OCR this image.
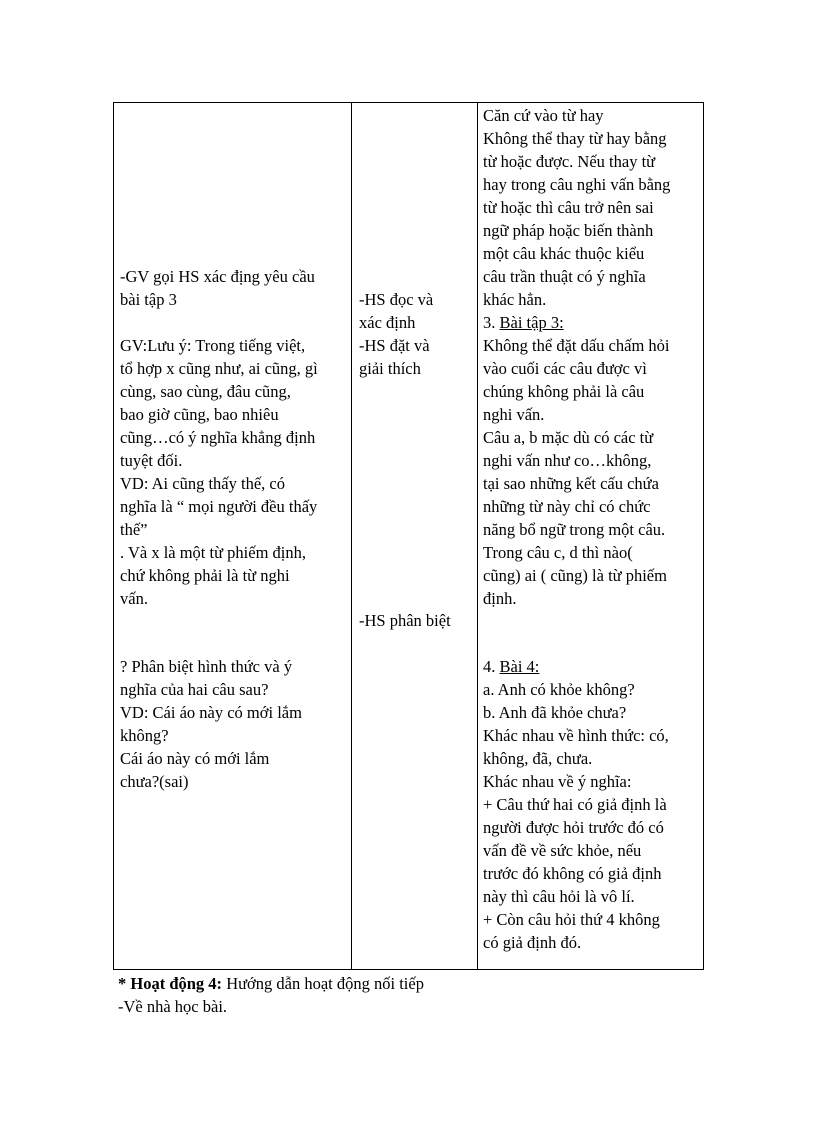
-GV gọi HS xác địng yêu cầu
bài tập 3
GV:Lưu ý: Trong tiếng việt,
tổ hợp x cũng như, ai cũng, gì
cùng, sao cùng, đâu cũng,
bao giờ cũng, bao nhiêu
cũng…có ý nghĩa khẳng định
tuyệt đối.
VD: Ai cũng thấy thế, có
nghĩa là “ mọi người đều thấy
thế”
. Và x là một từ phiếm định,
chứ không phải là từ nghi
vấn.
? Phân biệt hình thức và ý
nghĩa của hai câu sau?
VD: Cái áo này có mới lắm
không?
Cái áo này có mới lắm
chưa?(sai)
-HS đọc và
xác định
-HS đặt và
giải thích
-HS phân biệt
Căn cứ vào từ hay
Không thể thay từ hay bằng
từ hoặc được. Nếu thay từ
hay trong câu nghi vấn bằng
từ hoặc thì câu trở nên sai
ngữ pháp hoặc biến thành
một câu khác thuộc kiểu
câu trần thuật có ý nghĩa
khác hẳn.
3. Bài tập 3:
Không thể đặt dấu chấm hỏi
vào cuối các câu được vì
chúng không phải là câu
nghi vấn.
Câu a, b mặc dù có các từ
nghi vấn như co…không,
tại sao những kết cấu chứa
những từ này chỉ có chức
năng bổ ngữ trong một câu.
Trong câu c, d thì nào(
cũng) ai ( cũng) là từ phiếm
định.
4. Bài 4:
a. Anh có khỏe không?
b. Anh đã khỏe chưa?
Khác nhau về hình thức: có,
không, đã, chưa.
Khác nhau về ý nghĩa:
+ Câu thứ hai có giả định là
người được hỏi trước đó có
vấn đề về sức khỏe, nếu
trước đó không có giả định
này thì câu hỏi là vô lí.
+ Còn câu hỏi thứ 4 không
có giả định đó.
* Hoạt động 4: Hướng dẫn hoạt động nối tiếp
-Về nhà học bài.
